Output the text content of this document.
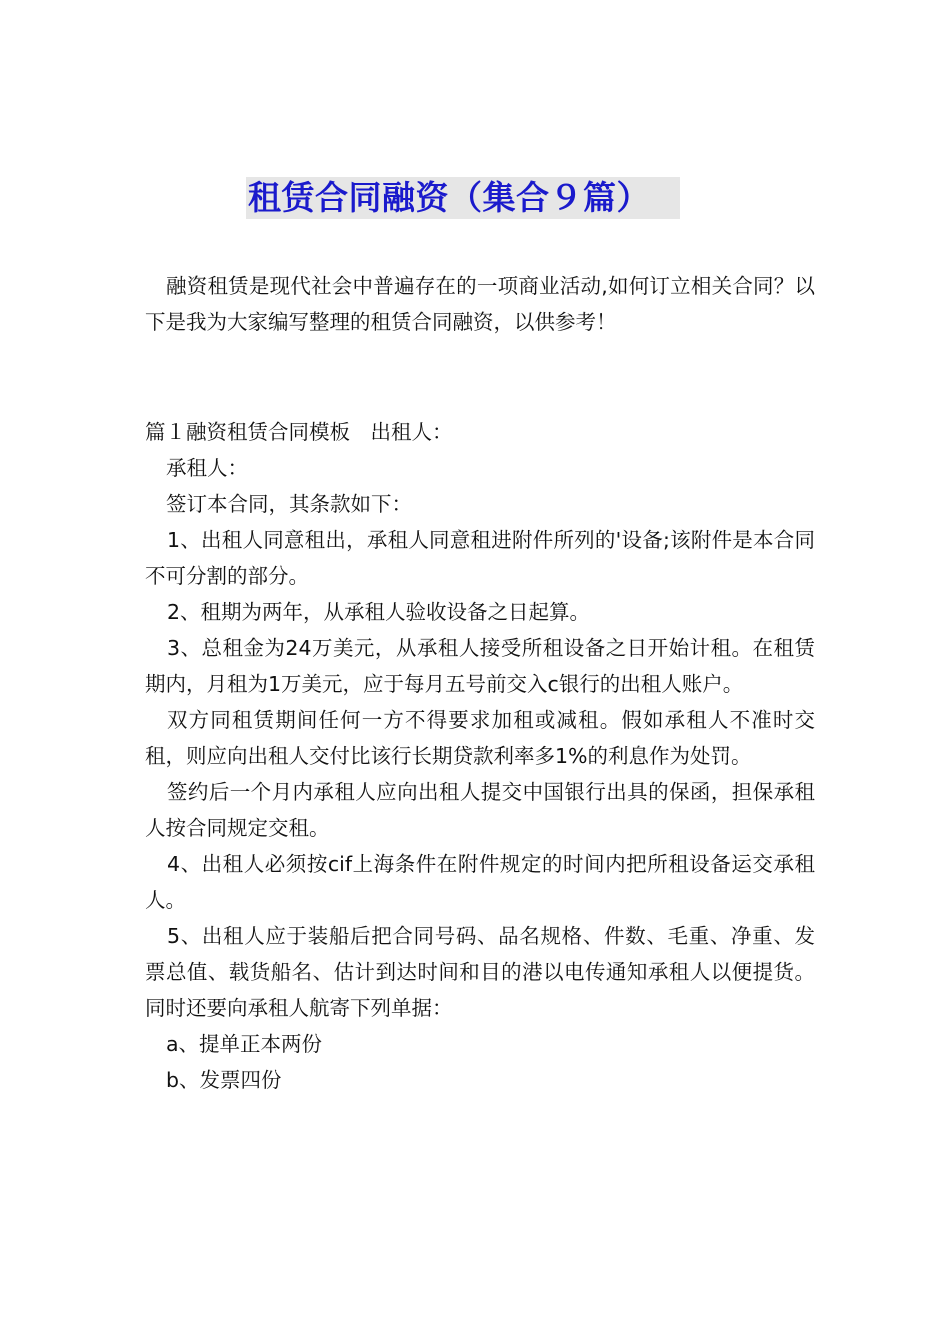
租赁合同融资（集合９篇）

融资租赁是现代社会中普遍存在的一项商业活动,如何订立相关合同？以下是我为大家编写整理的租赁合同融资，以供参考！

篇１融资租赁合同模板　出租人：

承租人：

签订本合同，其条款如下：

1、出租人同意租出，承租人同意租进附件所列的'设备;该附件是本合同不可分割的部分。

2、租期为两年，从承租人验收设备之日起算。

3、总租金为24万美元，从承租人接受所租设备之日开始计租。在租赁期内，月租为1万美元，应于每月五号前交入c银行的出租人账户。

双方同租赁期间任何一方不得要求加租或减租。假如承租人不准时交租，则应向出租人交付比该行长期贷款利率多1%的利息作为处罚。

签约后一个月内承租人应向出租人提交中国银行出具的保函，担保承租人按合同规定交租。

4、出租人必须按cif上海条件在附件规定的时间内把所租设备运交承租人。

5、出租人应于装船后把合同号码、品名规格、件数、毛重、净重、发票总值、载货船名、估计到达时间和目的港以电传通知承租人以便提货。同时还要向承租人航寄下列单据：

a、提单正本两份

b、发票四份
